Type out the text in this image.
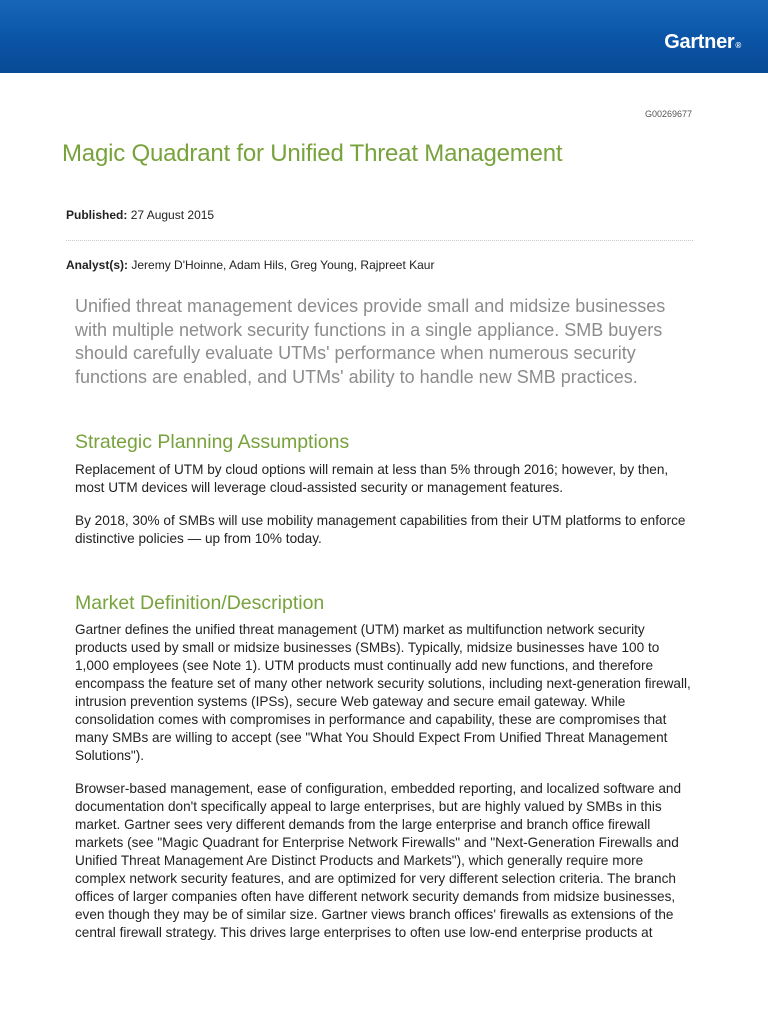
Gartner®
G00269677
Magic Quadrant for Unified Threat Management
Published: 27 August 2015
Analyst(s): Jeremy D'Hoinne, Adam Hils, Greg Young, Rajpreet Kaur

Unified threat management devices provide small and midsize businesses with multiple network security functions in a single appliance. SMB buyers should carefully evaluate UTMs' performance when numerous security functions are enabled, and UTMs' ability to handle new SMB practices.

Strategic Planning Assumptions

Replacement of UTM by cloud options will remain at less than 5% through 2016; however, by then, most UTM devices will leverage cloud-assisted security or management features.

By 2018, 30% of SMBs will use mobility management capabilities from their UTM platforms to enforce distinctive policies — up from 10% today.

Market Definition/Description

Gartner defines the unified threat management (UTM) market as multifunction network security products used by small or midsize businesses (SMBs). Typically, midsize businesses have 100 to 1,000 employees (see Note 1). UTM products must continually add new functions, and therefore encompass the feature set of many other network security solutions, including next-generation firewall, intrusion prevention systems (IPSs), secure Web gateway and secure email gateway. While consolidation comes with compromises in performance and capability, these are compromises that many SMBs are willing to accept (see "What You Should Expect From Unified Threat Management Solutions").

Browser-based management, ease of configuration, embedded reporting, and localized software and documentation don't specifically appeal to large enterprises, but are highly valued by SMBs in this market. Gartner sees very different demands from the large enterprise and branch office firewall markets (see "Magic Quadrant for Enterprise Network Firewalls" and "Next-Generation Firewalls and Unified Threat Management Are Distinct Products and Markets"), which generally require more complex network security features, and are optimized for very different selection criteria. The branch offices of larger companies often have different network security demands from midsize businesses, even though they may be of similar size. Gartner views branch offices' firewalls as extensions of the central firewall strategy. This drives large enterprises to often use low-end enterprise products at
